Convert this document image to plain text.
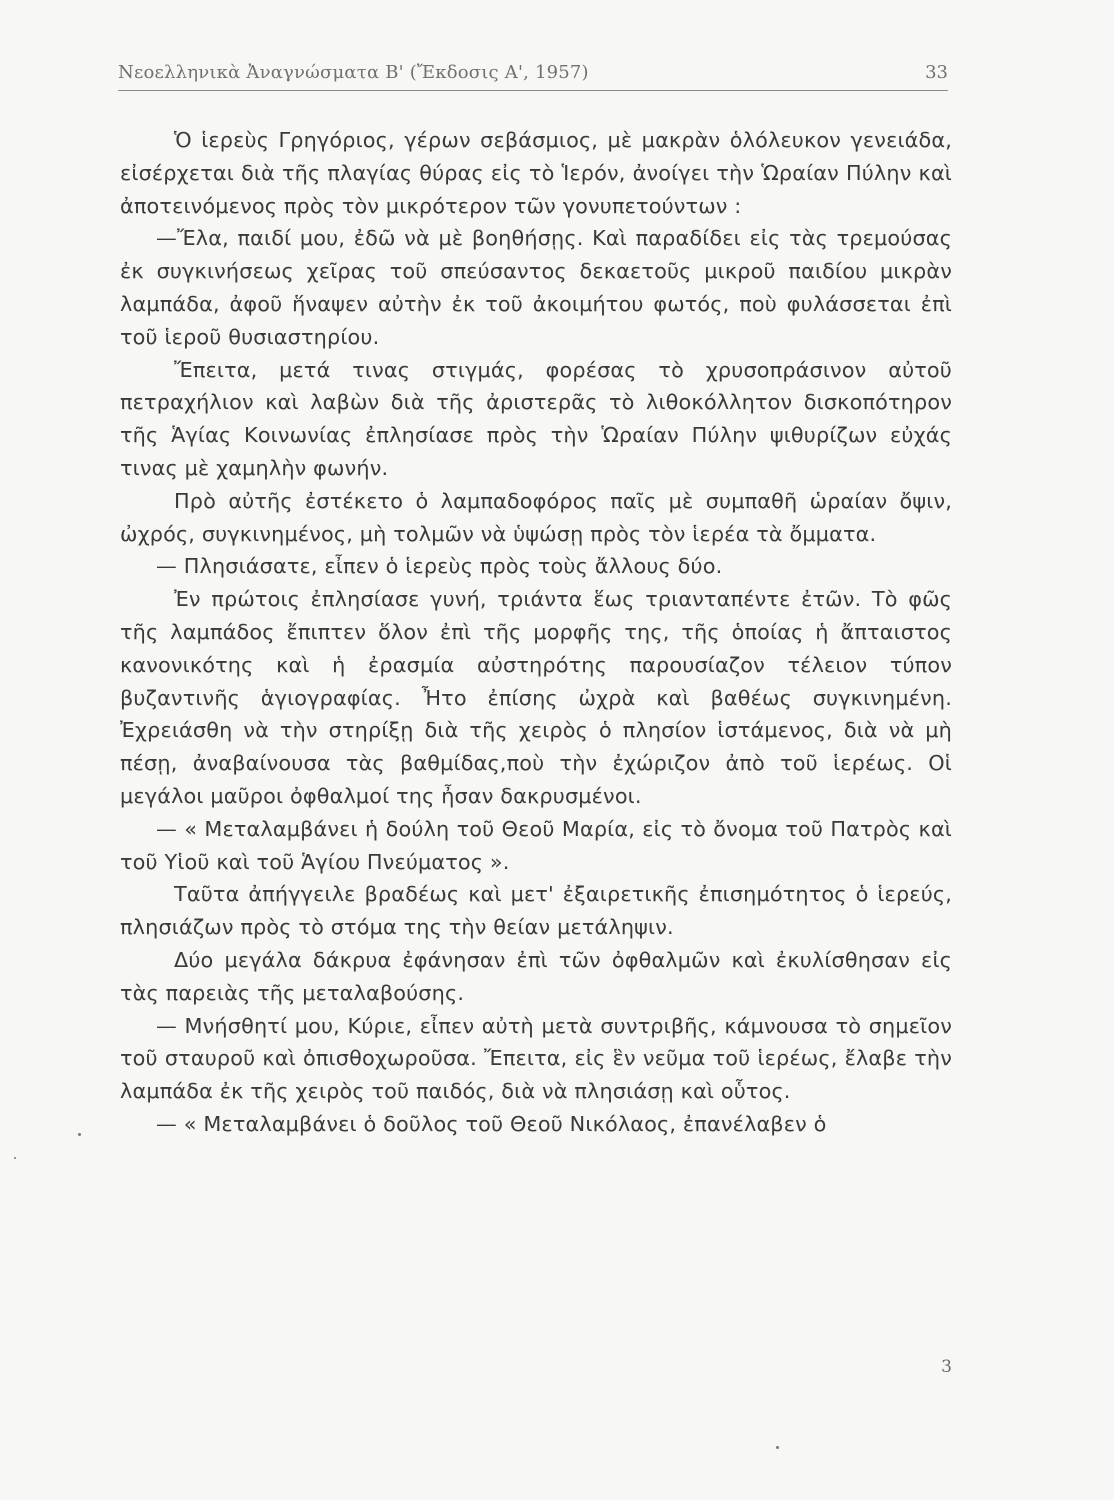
Νεοελληνικὰ Ἀναγνώσματα Β' (Ἔκδοσις Α', 1957)	33

Ὁ ἱερεὺς Γρηγόριος, γέρων σεβάσμιος, μὲ μακρὰν ὁλόλευκον γενειάδα, εἰσέρχεται διὰ τῆς πλαγίας θύρας εἰς τὸ Ἱερόν, ἀνοίγει τὴν Ὡραίαν Πύλην καὶ ἀποτεινόμενος πρὸς τὸν μικρότερον τῶν γονυπετούντων :

—Ἔλα, παιδί μου, ἐδῶ νὰ μὲ βοηθήσῃς. Καὶ παραδίδει εἰς τὰς τρεμούσας ἐκ συγκινήσεως χεῖρας τοῦ σπεύσαντος δεκαετοῦς μικροῦ παιδίου μικρὰν λαμπάδα, ἀφοῦ ἥναψεν αὐτὴν ἐκ τοῦ ἀκοιμήτου φωτός, ποὺ φυλάσσεται ἐπὶ τοῦ ἱεροῦ θυσιαστηρίου.

Ἔπειτα, μετά τινας στιγμάς, φορέσας τὸ χρυσοπράσινον αὐτοῦ πετραχήλιον καὶ λαβὼν διὰ τῆς ἀριστερᾶς τὸ λιθοκόλλητον δισκοπότηρον τῆς Ἁγίας Κοινωνίας ἐπλησίασε πρὸς τὴν Ὡραίαν Πύλην ψιθυρίζων εὐχάς τινας μὲ χαμηλὴν φωνήν.

Πρὸ αὐτῆς ἐστέκετο ὁ λαμπαδοφόρος παῖς μὲ συμπαθῆ ὡραίαν ὄψιν, ὠχρός, συγκινημένος, μὴ τολμῶν νὰ ὑψώσῃ πρὸς τὸν ἱερέα τὰ ὄμματα.

— Πλησιάσατε, εἶπεν ὁ ἱερεὺς πρὸς τοὺς ἄλλους δύο.

Ἐν πρώτοις ἐπλησίασε γυνή, τριάντα ἕως τριανταπέντε ἐτῶν. Τὸ φῶς τῆς λαμπάδος ἔπιπτεν ὅλον ἐπὶ τῆς μορφῆς της, τῆς ὁποίας ἡ ἄπταιστος κανονικότης καὶ ἡ ἐρασμία αὐστηρότης παρουσίαζον τέλειον τύπον βυζαντινῆς ἁγιογραφίας. Ἦτο ἐπίσης ὠχρὰ καὶ βαθέως συγκινημένη. Ἐχρειάσθη νὰ τὴν στηρίξῃ διὰ τῆς χειρὸς ὁ πλησίον ἱστάμενος, διὰ νὰ μὴ πέσῃ, ἀναβαίνουσα τὰς βαθμίδας,ποὺ τὴν ἐχώριζον ἀπὸ τοῦ ἱερέως. Οἱ μεγάλοι μαῦροι ὀφθαλμοί της ἦσαν δακρυσμένοι.

— « Μεταλαμβάνει ἡ δούλη τοῦ Θεοῦ Μαρία, εἰς τὸ ὄνομα τοῦ Πατρὸς καὶ τοῦ Υἱοῦ καὶ τοῦ Ἁγίου Πνεύματος ».

Ταῦτα ἀπήγγειλε βραδέως καὶ μετ' ἐξαιρετικῆς ἐπισημότητος ὁ ἱερεύς, πλησιάζων πρὸς τὸ στόμα της τὴν θείαν μετάληψιν.

Δύο μεγάλα δάκρυα ἐφάνησαν ἐπὶ τῶν ὀφθαλμῶν καὶ ἐκυλίσθησαν εἰς τὰς παρειὰς τῆς μεταλαβούσης.

— Μνήσθητί μου, Κύριε, εἶπεν αὐτὴ μετὰ συντριβῆς, κάμνουσα τὸ σημεῖον τοῦ σταυροῦ καὶ ὀπισθοχωροῦσα. Ἔπειτα, εἰς ἓν νεῦμα τοῦ ἱερέως, ἔλαβε τὴν λαμπάδα ἐκ τῆς χειρὸς τοῦ παιδός, διὰ νὰ πλησιάσῃ καὶ οὗτος.

— « Μεταλαμβάνει ὁ δοῦλος τοῦ Θεοῦ Νικόλαος, ἐπανέλαβεν ὁ

3
